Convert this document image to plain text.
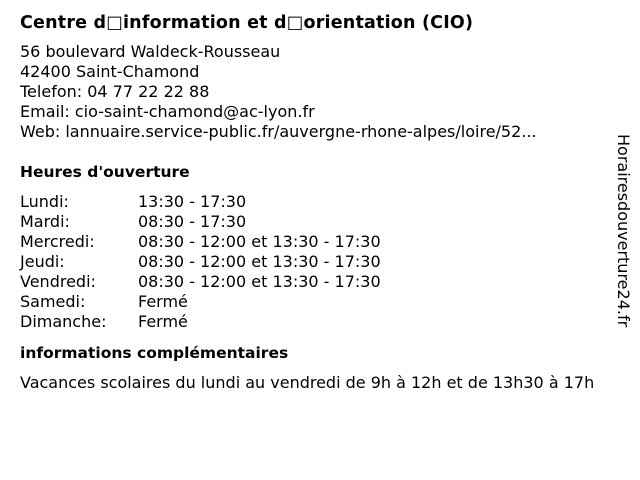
Centre d□information et d□orientation (CIO)
56 boulevard Waldeck-Rousseau
42400 Saint-Chamond
Telefon: 04 77 22 22 88
Email: cio-saint-chamond@ac-lyon.fr
Web: lannuaire.service-public.fr/auvergne-rhone-alpes/loire/52...
Heures d'ouverture
Lundi:	13:30 - 17:30
Mardi:	08:30 - 17:30
Mercredi:	08:30 - 12:00 et 13:30 - 17:30
Jeudi:	08:30 - 12:00 et 13:30 - 17:30
Vendredi:	08:30 - 12:00 et 13:30 - 17:30
Samedi:	Fermé
Dimanche:	Fermé
informations complémentaires
Vacances scolaires du lundi au vendredi de 9h à 12h et de 13h30 à 17h
Horairesdouverture24.fr
